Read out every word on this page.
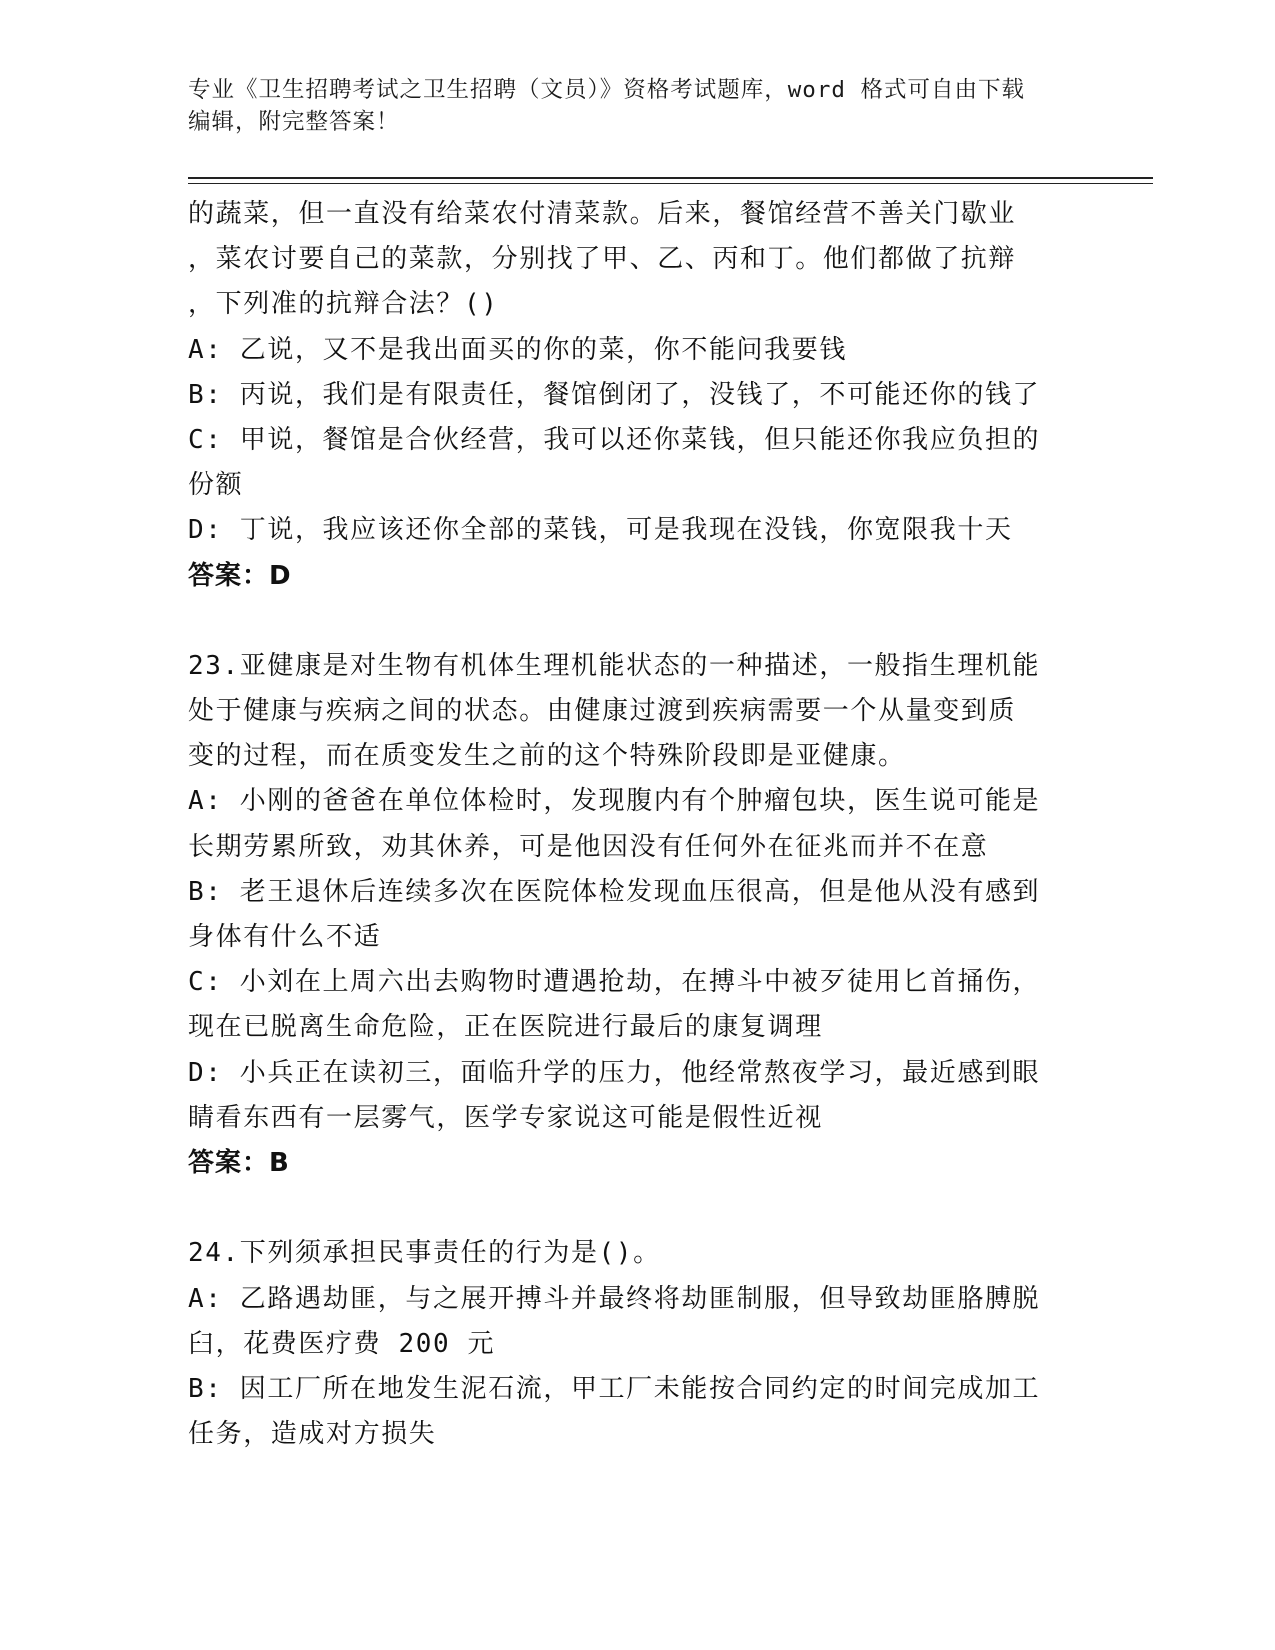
专业《卫生招聘考试之卫生招聘（文员）》资格考试题库，word 格式可自由下载
编辑，附完整答案！
的蔬菜，但一直没有给菜农付清菜款。后来，餐馆经营不善关门歇业
，菜农讨要自己的菜款，分别找了甲、乙、丙和丁。他们都做了抗辩
，下列准的抗辩合法？()
A: 乙说，又不是我出面买的你的菜，你不能问我要钱
B: 丙说，我们是有限责任，餐馆倒闭了，没钱了，不可能还你的钱了
C: 甲说，餐馆是合伙经营，我可以还你菜钱，但只能还你我应负担的
份额
D: 丁说，我应该还你全部的菜钱，可是我现在没钱，你宽限我十天
答案：D
23.亚健康是对生物有机体生理机能状态的一种描述，一般指生理机能
处于健康与疾病之间的状态。由健康过渡到疾病需要一个从量变到质
变的过程，而在质变发生之前的这个特殊阶段即是亚健康。
A: 小刚的爸爸在单位体检时，发现腹内有个肿瘤包块，医生说可能是
长期劳累所致，劝其休养，可是他因没有任何外在征兆而并不在意
B: 老王退休后连续多次在医院体检发现血压很高，但是他从没有感到
身体有什么不适
C: 小刘在上周六出去购物时遭遇抢劫，在搏斗中被歹徒用匕首捅伤，
现在已脱离生命危险，正在医院进行最后的康复调理
D: 小兵正在读初三，面临升学的压力，他经常熬夜学习，最近感到眼
睛看东西有一层雾气，医学专家说这可能是假性近视
答案：B
24.下列须承担民事责任的行为是()。
A: 乙路遇劫匪，与之展开搏斗并最终将劫匪制服，但导致劫匪胳膊脱
臼，花费医疗费 200 元
B: 因工厂所在地发生泥石流，甲工厂未能按合同约定的时间完成加工
任务，造成对方损失
